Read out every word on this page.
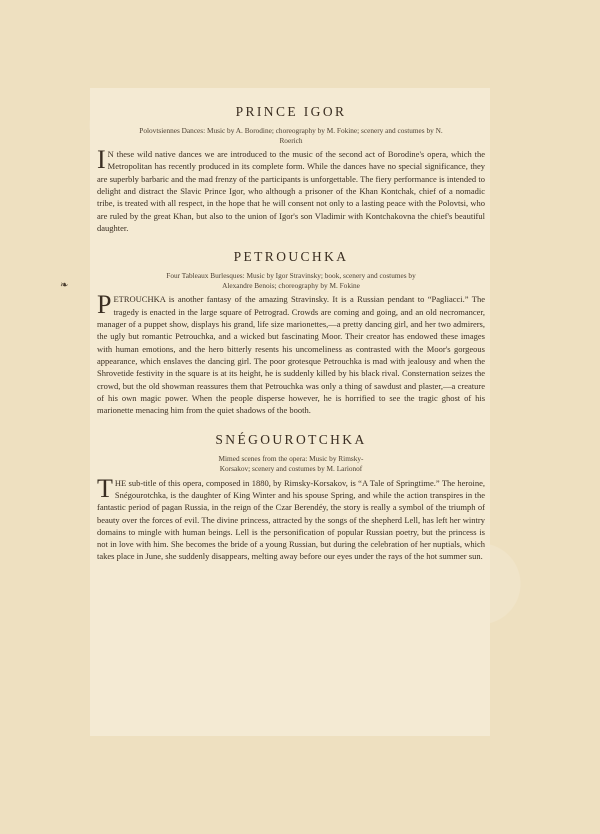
❧
PRINCE IGOR

Polovtsiennes Dances: Music by A. Borodine; choreography by M. Fokine; scenery and costumes by N. Roerich

I N these wild native dances we are introduced to the music of the second act of Borodine's opera, which the Metropolitan has recently produced in its complete form. While the dances have no special significance, they are superbly barbaric and the mad frenzy of the participants is unforgettable. The fiery performance is intended to delight and distract the Slavic Prince Igor, who although a prisoner of the Khan Kontchak, chief of a nomadic tribe, is treated with all respect, in the hope that he will consent not only to a lasting peace with the Polovtsi, who are ruled by the great Khan, but also to the union of Igor's son Vladimir with Kontchakovna the chief's beautiful daughter.

PETROUCHKA

Four Tableaux Burlesques: Music by Igor Stravinsky; book, scenery and costumes by Alexandre Benois; choreography by M. Fokine

PETROUCHKA is another fantasy of the amazing Stravinsky. It is a Russian pendant to “Pagliacci.” The tragedy is enacted in the large square of Petrograd. Crowds are coming and going, and an old necromancer, manager of a puppet show, displays his grand, life size marionettes,—a pretty dancing girl, and her two admirers, the ugly but romantic Petrouchka, and a wicked but fascinating Moor. Their creator has endowed these images with human emotions, and the hero bitterly resents his uncomeliness as contrasted with the Moor's gorgeous appearance, which enslaves the dancing girl. The poor grotesque Petrouchka is mad with jealousy and when the Shrovetide festivity in the square is at its height, he is suddenly killed by his black rival. Consternation seizes the crowd, but the old showman reassures them that Petrouchka was only a thing of sawdust and plaster,—a creature of his own magic power. When the people disperse however, he is horrified to see the tragic ghost of his marionette menacing him from the quiet shadows of the booth.

SNÉGOUROTCHKA

Mimed scenes from the opera: Music by Rimsky-Korsakov; scenery and costumes by M. Larionof

THE sub-title of this opera, composed in 1880, by Rimsky-Korsakov, is “A Tale of Springtime.” The heroine, Snégourotchka, is the daughter of King Winter and his spouse Spring, and while the action transpires in the fantastic period of pagan Russia, in the reign of the Czar Berendéy, the story is really a symbol of the triumph of beauty over the forces of evil. The divine princess, attracted by the songs of the shepherd Lell, has left her wintry domains to mingle with human beings. Lell is the personification of popular Russian poetry, but the princess is not in love with him. She becomes the bride of a young Russian, but during the celebration of her nuptials, which takes place in June, she suddenly disappears, melting away before our eyes under the rays of the hot summer sun.
